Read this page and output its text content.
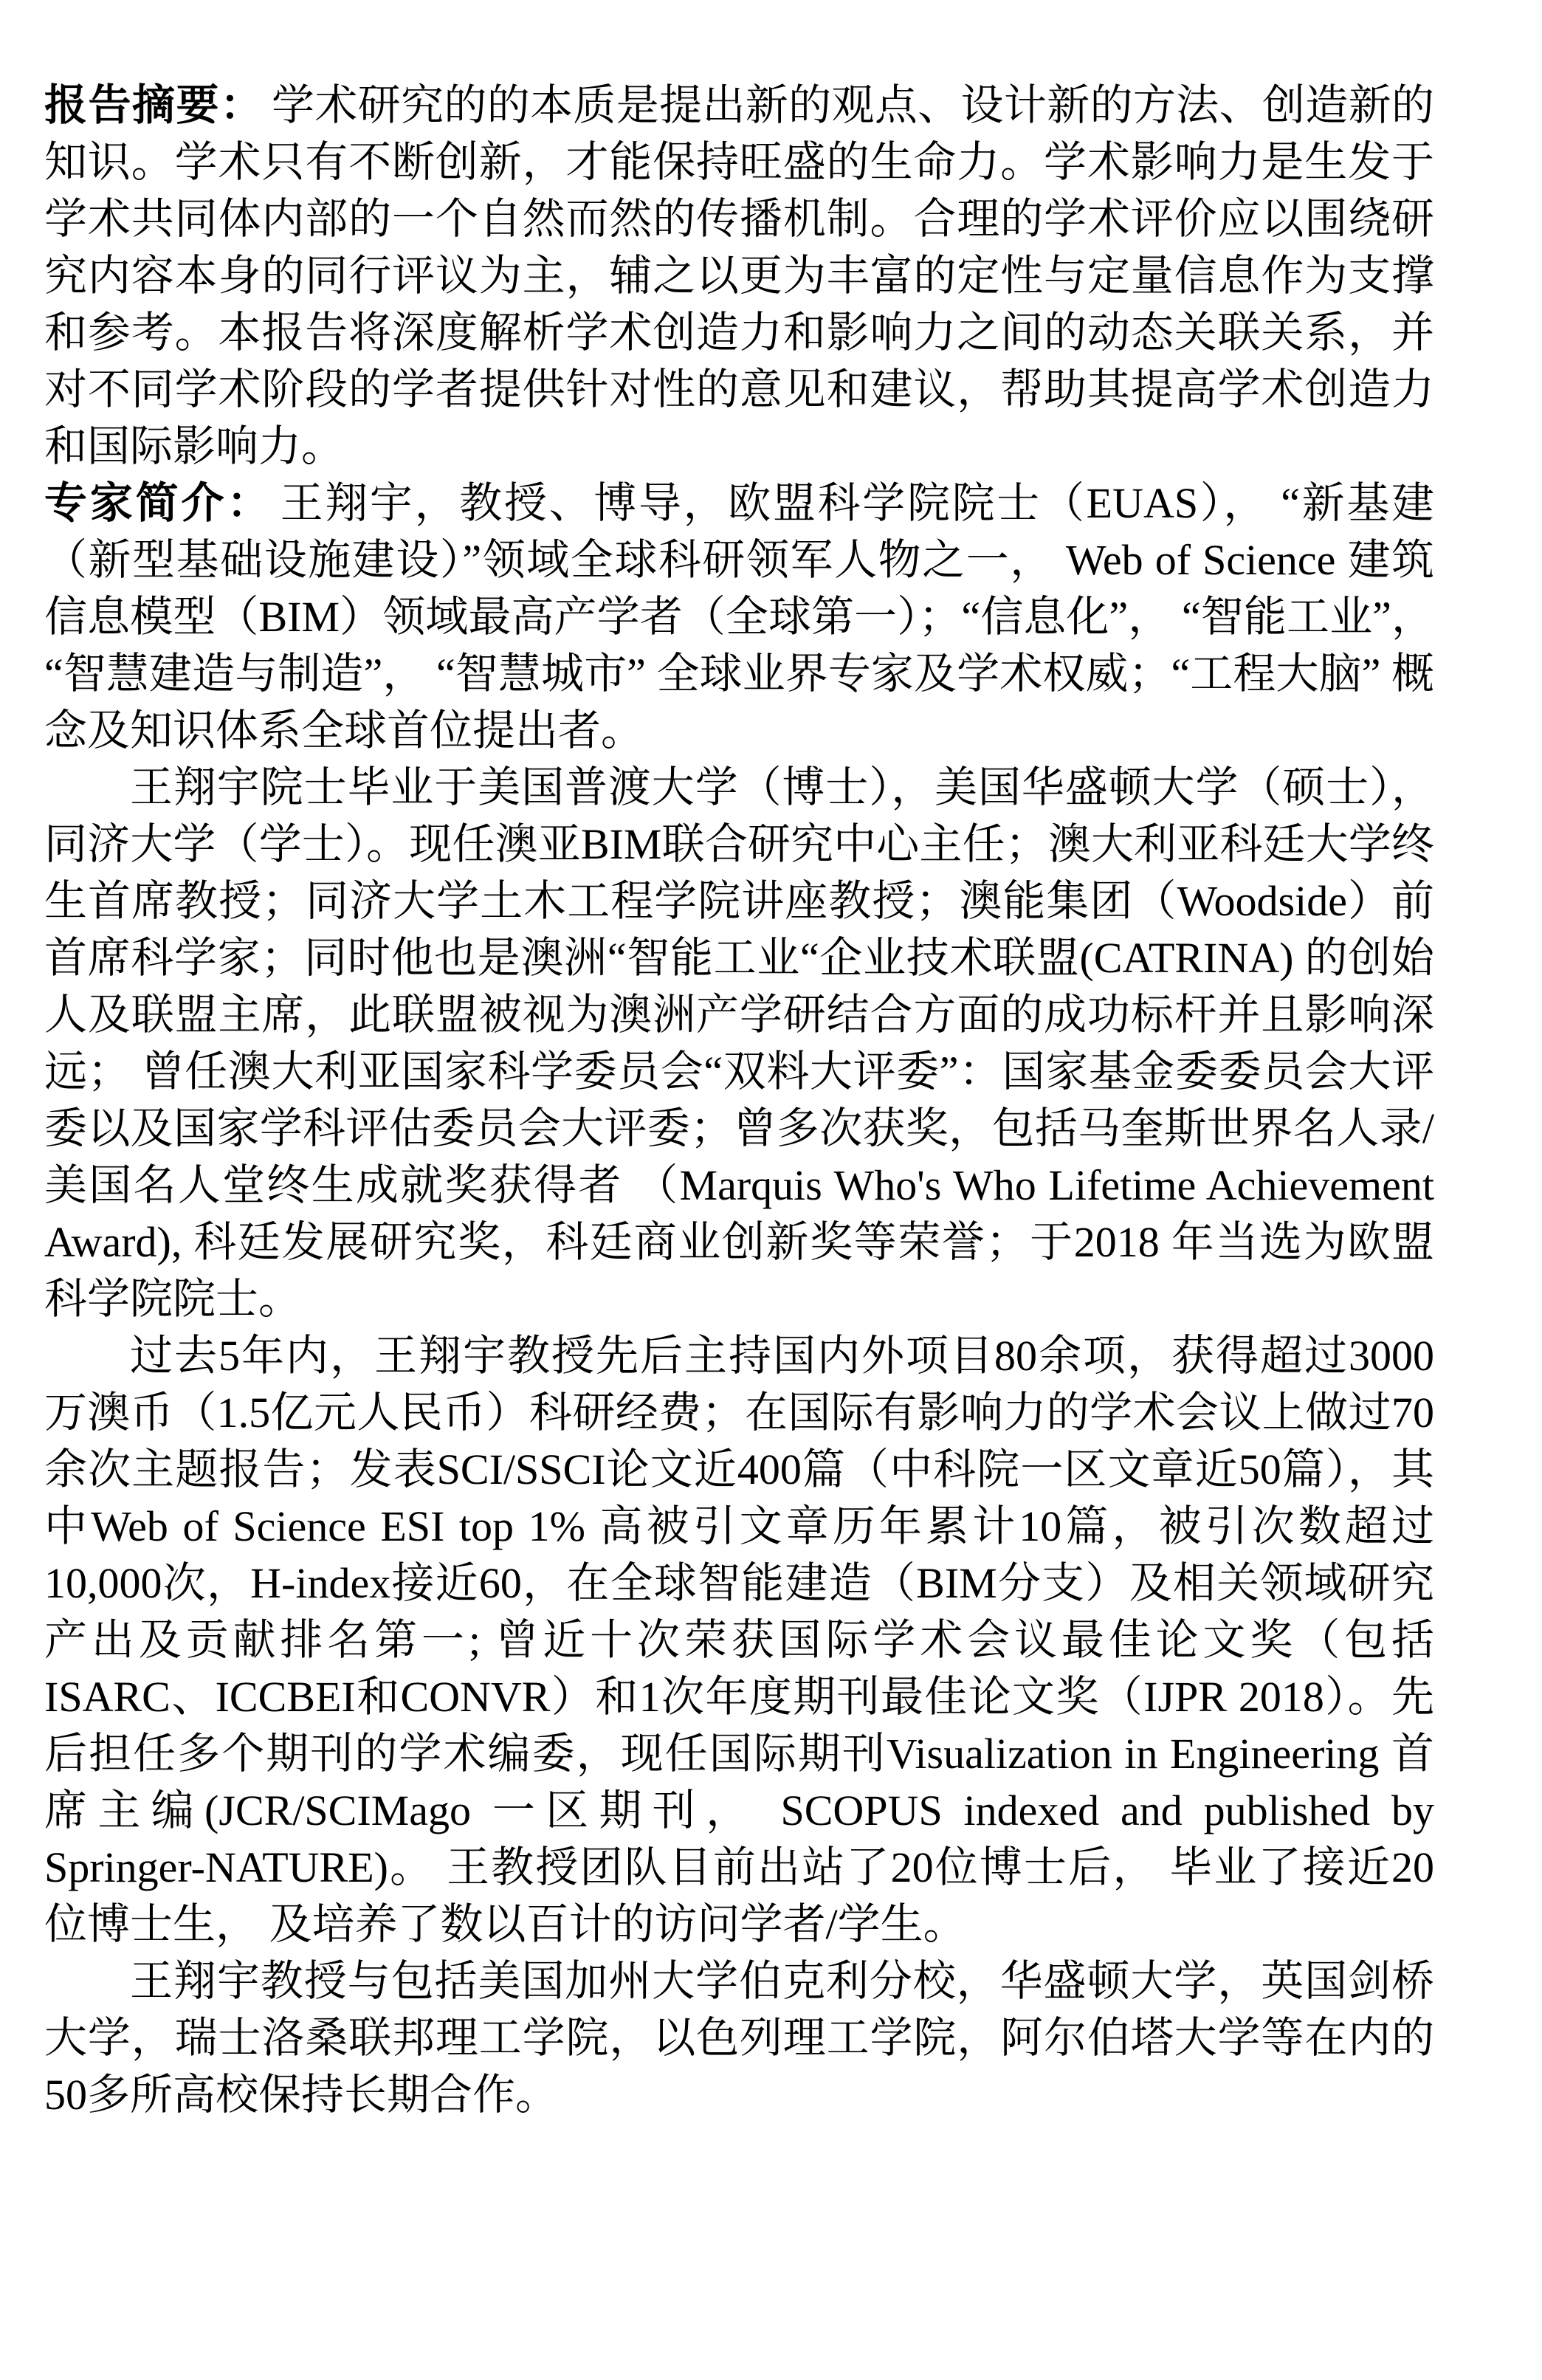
报告摘要： 学术研究的的本质是提出新的观点、设计新的方法、创造新的知识。学术只有不断创新，才能保持旺盛的生命力。学术影响力是生发于学术共同体内部的一个自然而然的传播机制。合理的学术评价应以围绕研究内容本身的同行评议为主，辅之以更为丰富的定性与定量信息作为支撑和参考。本报告将深度解析学术创造力和影响力之间的动态关联关系，并对不同学术阶段的学者提供针对性的意见和建议，帮助其提高学术创造力和国际影响力。

专家简介： 王翔宇，教授、博导，欧盟科学院院士（EUAS）， “新基建（新型基础设施建设）”领域全球科研领军人物之一， Web of Science 建筑信息模型（BIM）领域最高产学者（全球第一）；“信息化”， “智能工业”， “智慧建造与制造”， “智慧城市” 全球业界专家及学术权威；“工程大脑” 概念及知识体系全球首位提出者。

王翔宇院士毕业于美国普渡大学（博士），美国华盛顿大学（硕士），同济大学（学士）。现任澳亚BIM联合研究中心主任；澳大利亚科廷大学终生首席教授；同济大学土木工程学院讲座教授；澳能集团（Woodside）前首席科学家；同时他也是澳洲“智能工业“企业技术联盟(CATRINA) 的创始人及联盟主席，此联盟被视为澳洲产学研结合方面的成功标杆并且影响深远； 曾任澳大利亚国家科学委员会“双料大评委”：国家基金委委员会大评委以及国家学科评估委员会大评委；曾多次获奖，包括马奎斯世界名人录/美国名人堂终生成就奖获得者 （Marquis Who's Who Lifetime Achievement Award), 科廷发展研究奖，科廷商业创新奖等荣誉；于2018 年当选为欧盟科学院院士。

过去5年内，王翔宇教授先后主持国内外项目80余项，获得超过3000万澳币（1.5亿元人民币）科研经费；在国际有影响力的学术会议上做过70余次主题报告；发表SCI/SSCI论文近400篇（中科院一区文章近50篇），其中Web of Science ESI top 1% 高被引文章历年累计10篇，被引次数超过10,000次，H-index接近60，在全球智能建造（BIM分支）及相关领域研究产出及贡献排名第一; 曾近十次荣获国际学术会议最佳论文奖（包括ISARC、ICCBEI和CONVR）和1次年度期刊最佳论文奖（IJPR 2018）。先后担任多个期刊的学术编委，现任国际期刊Visualization in Engineering 首席主编(JCR/SCIMago 一区期刊， SCOPUS indexed and published by Springer-NATURE)。 王教授团队目前出站了20位博士后， 毕业了接近20位博士生， 及培养了数以百计的访问学者/学生。

王翔宇教授与包括美国加州大学伯克利分校，华盛顿大学，英国剑桥大学，瑞士洛桑联邦理工学院，以色列理工学院，阿尔伯塔大学等在内的50多所高校保持长期合作。
